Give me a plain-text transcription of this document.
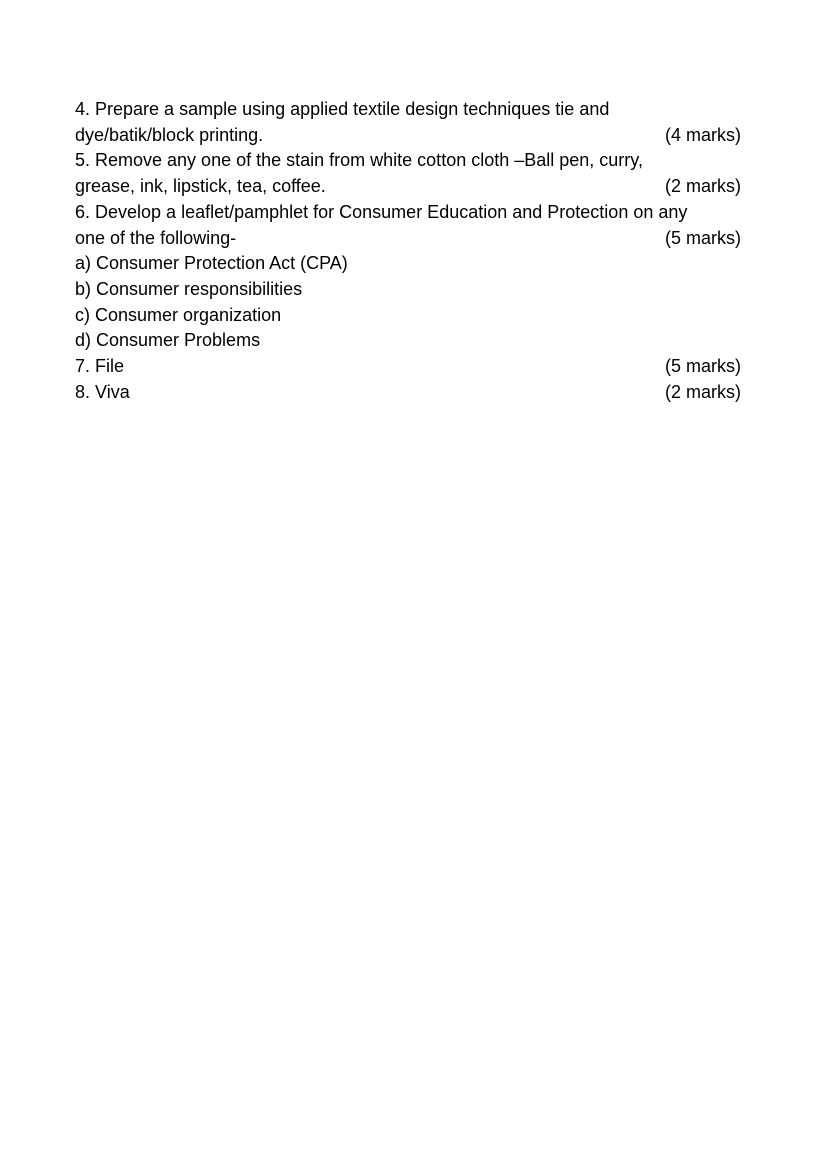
4. Prepare a sample using applied textile design techniques tie and
dye/batik/block printing.	(4 marks)
5. Remove any one of the stain from white cotton cloth –Ball pen, curry,
grease, ink, lipstick, tea, coffee.	(2 marks)
6. Develop a leaflet/pamphlet for Consumer Education and Protection on any
one of the following-	(5 marks)
a) Consumer Protection Act (CPA)
b) Consumer responsibilities
c) Consumer organization
d) Consumer Problems
7. File	(5 marks)
8. Viva	(2 marks)
